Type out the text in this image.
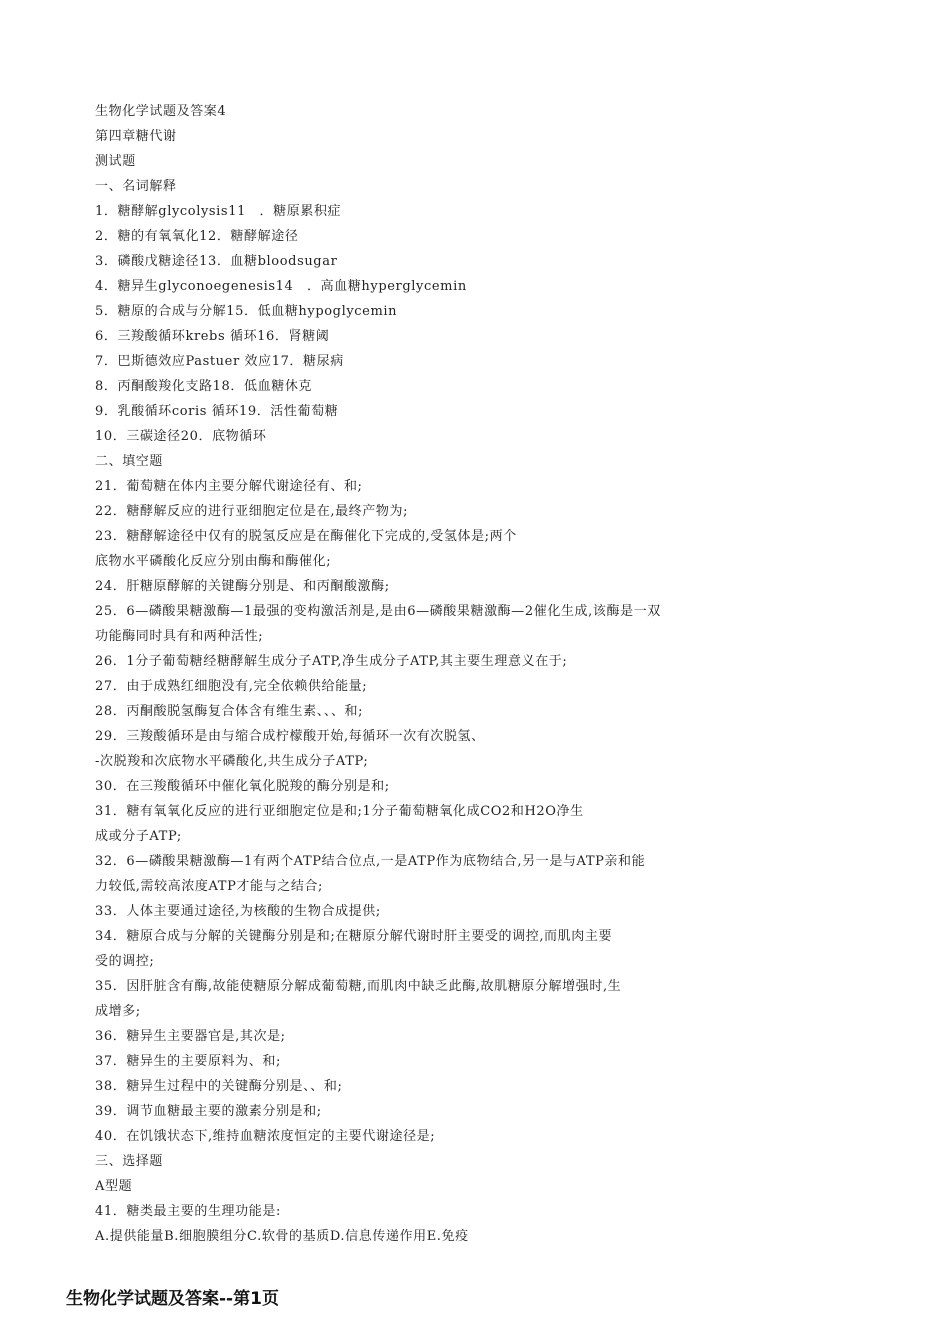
生物化学试题及答案4
第四章糖代谢
测试题
一、名词解释
1．糖酵解glycolysis11　．糖原累积症
2．糖的有氧氧化12．糖酵解途径
3．磷酸戊糖途径13．血糖bloodsugar
4．糖异生glyconoegenesis14　．高血糖hyperglycemin
5．糖原的合成与分解15．低血糖hypoglycemin
6．三羧酸循环krebs 循环16．肾糖阈
7．巴斯德效应Pastuer 效应17．糖尿病
8．丙酮酸羧化支路18．低血糖休克
9．乳酸循环coris 循环19．活性葡萄糖
10．三碳途径20．底物循环
二、填空题
21．葡萄糖在体内主要分解代谢途径有、和;
22．糖酵解反应的进行亚细胞定位是在,最终产物为;
23．糖酵解途径中仅有的脱氢反应是在酶催化下完成的,受氢体是;两个
底物水平磷酸化反应分别由酶和酶催化;
24．肝糖原酵解的关键酶分别是、和丙酮酸激酶;
25．6—磷酸果糖激酶—1最强的变构激活剂是,是由6—磷酸果糖激酶—2催化生成,该酶是一双
功能酶同时具有和两种活性;
26．1分子葡萄糖经糖酵解生成分子ATP,净生成分子ATP,其主要生理意义在于;
27．由于成熟红细胞没有,完全依赖供给能量;
28．丙酮酸脱氢酶复合体含有维生素、、、和;
29．三羧酸循环是由与缩合成柠檬酸开始,每循环一次有次脱氢、
-次脱羧和次底物水平磷酸化,共生成分子ATP;
30．在三羧酸循环中催化氧化脱羧的酶分别是和;
31．糖有氧氧化反应的进行亚细胞定位是和;1分子葡萄糖氧化成CO2和H2O净生
成或分子ATP;
32．6—磷酸果糖激酶—1有两个ATP结合位点,一是ATP作为底物结合,另一是与ATP亲和能
力较低,需较高浓度ATP才能与之结合;
33．人体主要通过途径,为核酸的生物合成提供;
34．糖原合成与分解的关键酶分别是和;在糖原分解代谢时肝主要受的调控,而肌肉主要
受的调控;
35．因肝脏含有酶,故能使糖原分解成葡萄糖,而肌肉中缺乏此酶,故肌糖原分解增强时,生
成增多;
36．糖异生主要器官是,其次是;
37．糖异生的主要原料为、和;
38．糖异生过程中的关键酶分别是、、和;
39．调节血糖最主要的激素分别是和;
40．在饥饿状态下,维持血糖浓度恒定的主要代谢途径是;
三、选择题
A型题
41．糖类最主要的生理功能是:
A.提供能量B.细胞膜组分C.软骨的基质D.信息传递作用E.免疫
生物化学试题及答案--第1页
